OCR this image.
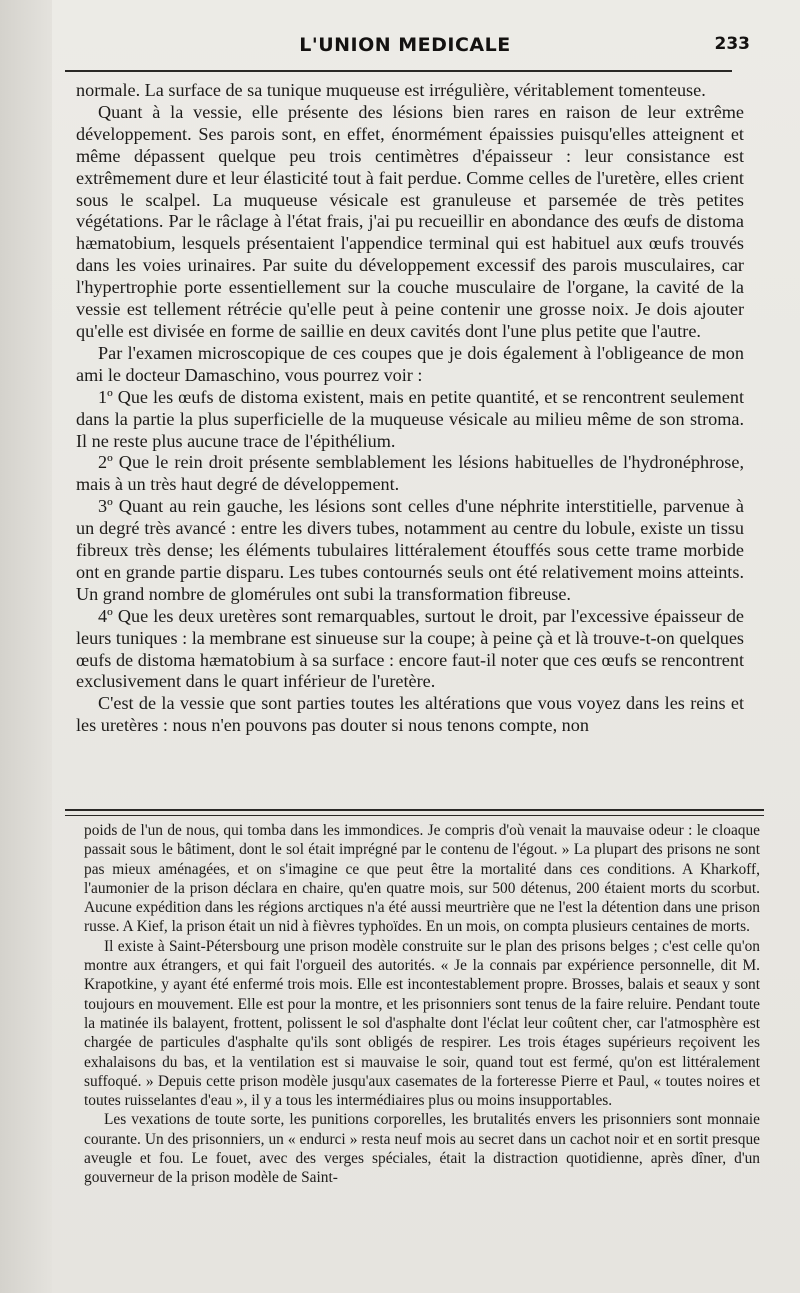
L'UNION MEDICALE	233

normale. La surface de sa tunique muqueuse est irrégulière, véritablement tomenteuse.

Quant à la vessie, elle présente des lésions bien rares en raison de leur extrême développement. Ses parois sont, en effet, énormément épaissies puisqu'elles atteignent et même dépassent quelque peu trois centimètres d'épaisseur : leur consistance est extrêmement dure et leur élasticité tout à fait perdue. Comme celles de l'uretère, elles crient sous le scalpel. La muqueuse vésicale est granuleuse et parsemée de très petites végétations. Par le râclage à l'état frais, j'ai pu recueillir en abondance des œufs de distoma hæmatobium, lesquels présentaient l'appendice terminal qui est habituel aux œufs trouvés dans les voies urinaires. Par suite du développement excessif des parois musculaires, car l'hypertrophie porte essentiellement sur la couche musculaire de l'organe, la cavité de la vessie est tellement rétrécie qu'elle peut à peine contenir une grosse noix. Je dois ajouter qu'elle est divisée en forme de saillie en deux cavités dont l'une plus petite que l'autre.

Par l'examen microscopique de ces coupes que je dois également à l'obligeance de mon ami le docteur Damaschino, vous pourrez voir :

1º Que les œufs de distoma existent, mais en petite quantité, et se rencontrent seulement dans la partie la plus superficielle de la muqueuse vésicale au milieu même de son stroma. Il ne reste plus aucune trace de l'épithélium.

2º Que le rein droit présente semblablement les lésions habituelles de l'hydronéphrose, mais à un très haut degré de développement.

3º Quant au rein gauche, les lésions sont celles d'une néphrite interstitielle, parvenue à un degré très avancé : entre les divers tubes, notamment au centre du lobule, existe un tissu fibreux très dense; les éléments tubulaires littéralement étouffés sous cette trame morbide ont en grande partie disparu. Les tubes contournés seuls ont été relativement moins atteints. Un grand nombre de glomérules ont subi la transformation fibreuse.

4º Que les deux uretères sont remarquables, surtout le droit, par l'excessive épaisseur de leurs tuniques : la membrane est sinueuse sur la coupe; à peine çà et là trouve-t-on quelques œufs de distoma hæmatobium à sa surface : encore faut-il noter que ces œufs se rencontrent exclusivement dans le quart inférieur de l'uretère.

C'est de la vessie que sont parties toutes les altérations que vous voyez dans les reins et les uretères : nous n'en pouvons pas douter si nous tenons compte, non

poids de l'un de nous, qui tomba dans les immondices. Je compris d'où venait la mauvaise odeur : le cloaque passait sous le bâtiment, dont le sol était imprégné par le contenu de l'égout. » La plupart des prisons ne sont pas mieux aménagées, et on s'imagine ce que peut être la mortalité dans ces conditions. A Kharkoff, l'aumonier de la prison déclara en chaire, qu'en quatre mois, sur 500 détenus, 200 étaient morts du scorbut. Aucune expédition dans les régions arctiques n'a été aussi meurtrière que ne l'est la détention dans une prison russe. A Kief, la prison était un nid à fièvres typhoïdes. En un mois, on compta plusieurs centaines de morts.

Il existe à Saint-Pétersbourg une prison modèle construite sur le plan des prisons belges ; c'est celle qu'on montre aux étrangers, et qui fait l'orgueil des autorités. « Je la connais par expérience personnelle, dit M. Krapotkine, y ayant été enfermé trois mois. Elle est incontestablement propre. Brosses, balais et seaux y sont toujours en mouvement. Elle est pour la montre, et les prisonniers sont tenus de la faire reluire. Pendant toute la matinée ils balayent, frottent, polissent le sol d'asphalte dont l'éclat leur coûtent cher, car l'atmosphère est chargée de particules d'asphalte qu'ils sont obligés de respirer. Les trois étages supérieurs reçoivent les exhalaisons du bas, et la ventilation est si mauvaise le soir, quand tout est fermé, qu'on est littéralement suffoqué. » Depuis cette prison modèle jusqu'aux casemates de la forteresse Pierre et Paul, « toutes noires et toutes ruisselantes d'eau », il y a tous les intermédiaires plus ou moins insupportables.

Les vexations de toute sorte, les punitions corporelles, les brutalités envers les prisonniers sont monnaie courante. Un des prisonniers, un « endurci » resta neuf mois au secret dans un cachot noir et en sortit presque aveugle et fou. Le fouet, avec des verges spéciales, était la distraction quotidienne, après dîner, d'un gouverneur de la prison modèle de Saint-
